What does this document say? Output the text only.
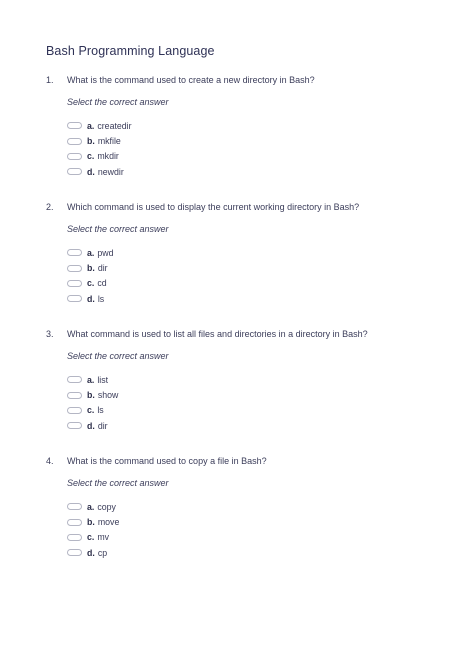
Bash Programming Language
1. What is the command used to create a new directory in Bash?
Select the correct answer
a. createdir
b. mkfile
c. mkdir
d. newdir
2. Which command is used to display the current working directory in Bash?
Select the correct answer
a. pwd
b. dir
c. cd
d. ls
3. What command is used to list all files and directories in a directory in Bash?
Select the correct answer
a. list
b. show
c. ls
d. dir
4. What is the command used to copy a file in Bash?
Select the correct answer
a. copy
b. move
c. mv
d. cp
